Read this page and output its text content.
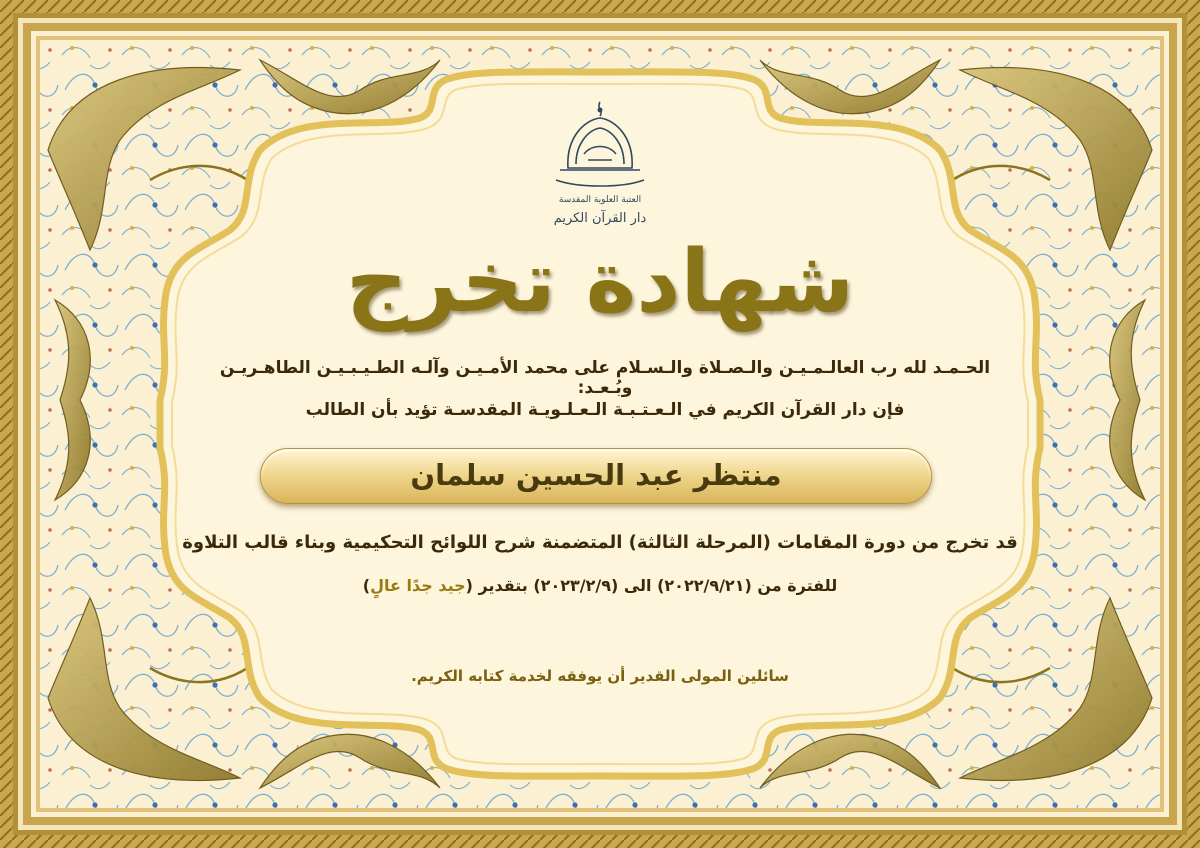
العتبة العلوية المقدسة
دار القرآن الكريم
شهادة تخرج
الحـمـد لله رب العالـمـيـن والـصـلاة والـسـلام على محمد الأمـيـن وآلـه الطـيـبـيـن الطاهـريـن وبُـعـد:
فإن دار القرآن الكريم في الـعـتـبـة الـعـلـويـة المقدسـة تؤيد بأن الطالب
منتظر عبد الحسين سلمان
قد تخرج من دورة المقامات (المرحلة الثالثة) المتضمنة شرح اللوائح التحكيمية وبناء قالب التلاوة
للفترة من (٢٠٢٢/٩/٢١) الى (٢٠٢٣/٢/٩) بتقدير (جيد جدًا عالٍ)
سائلين المولى القدير أن يوفقه لخدمة كتابه الكريم.
